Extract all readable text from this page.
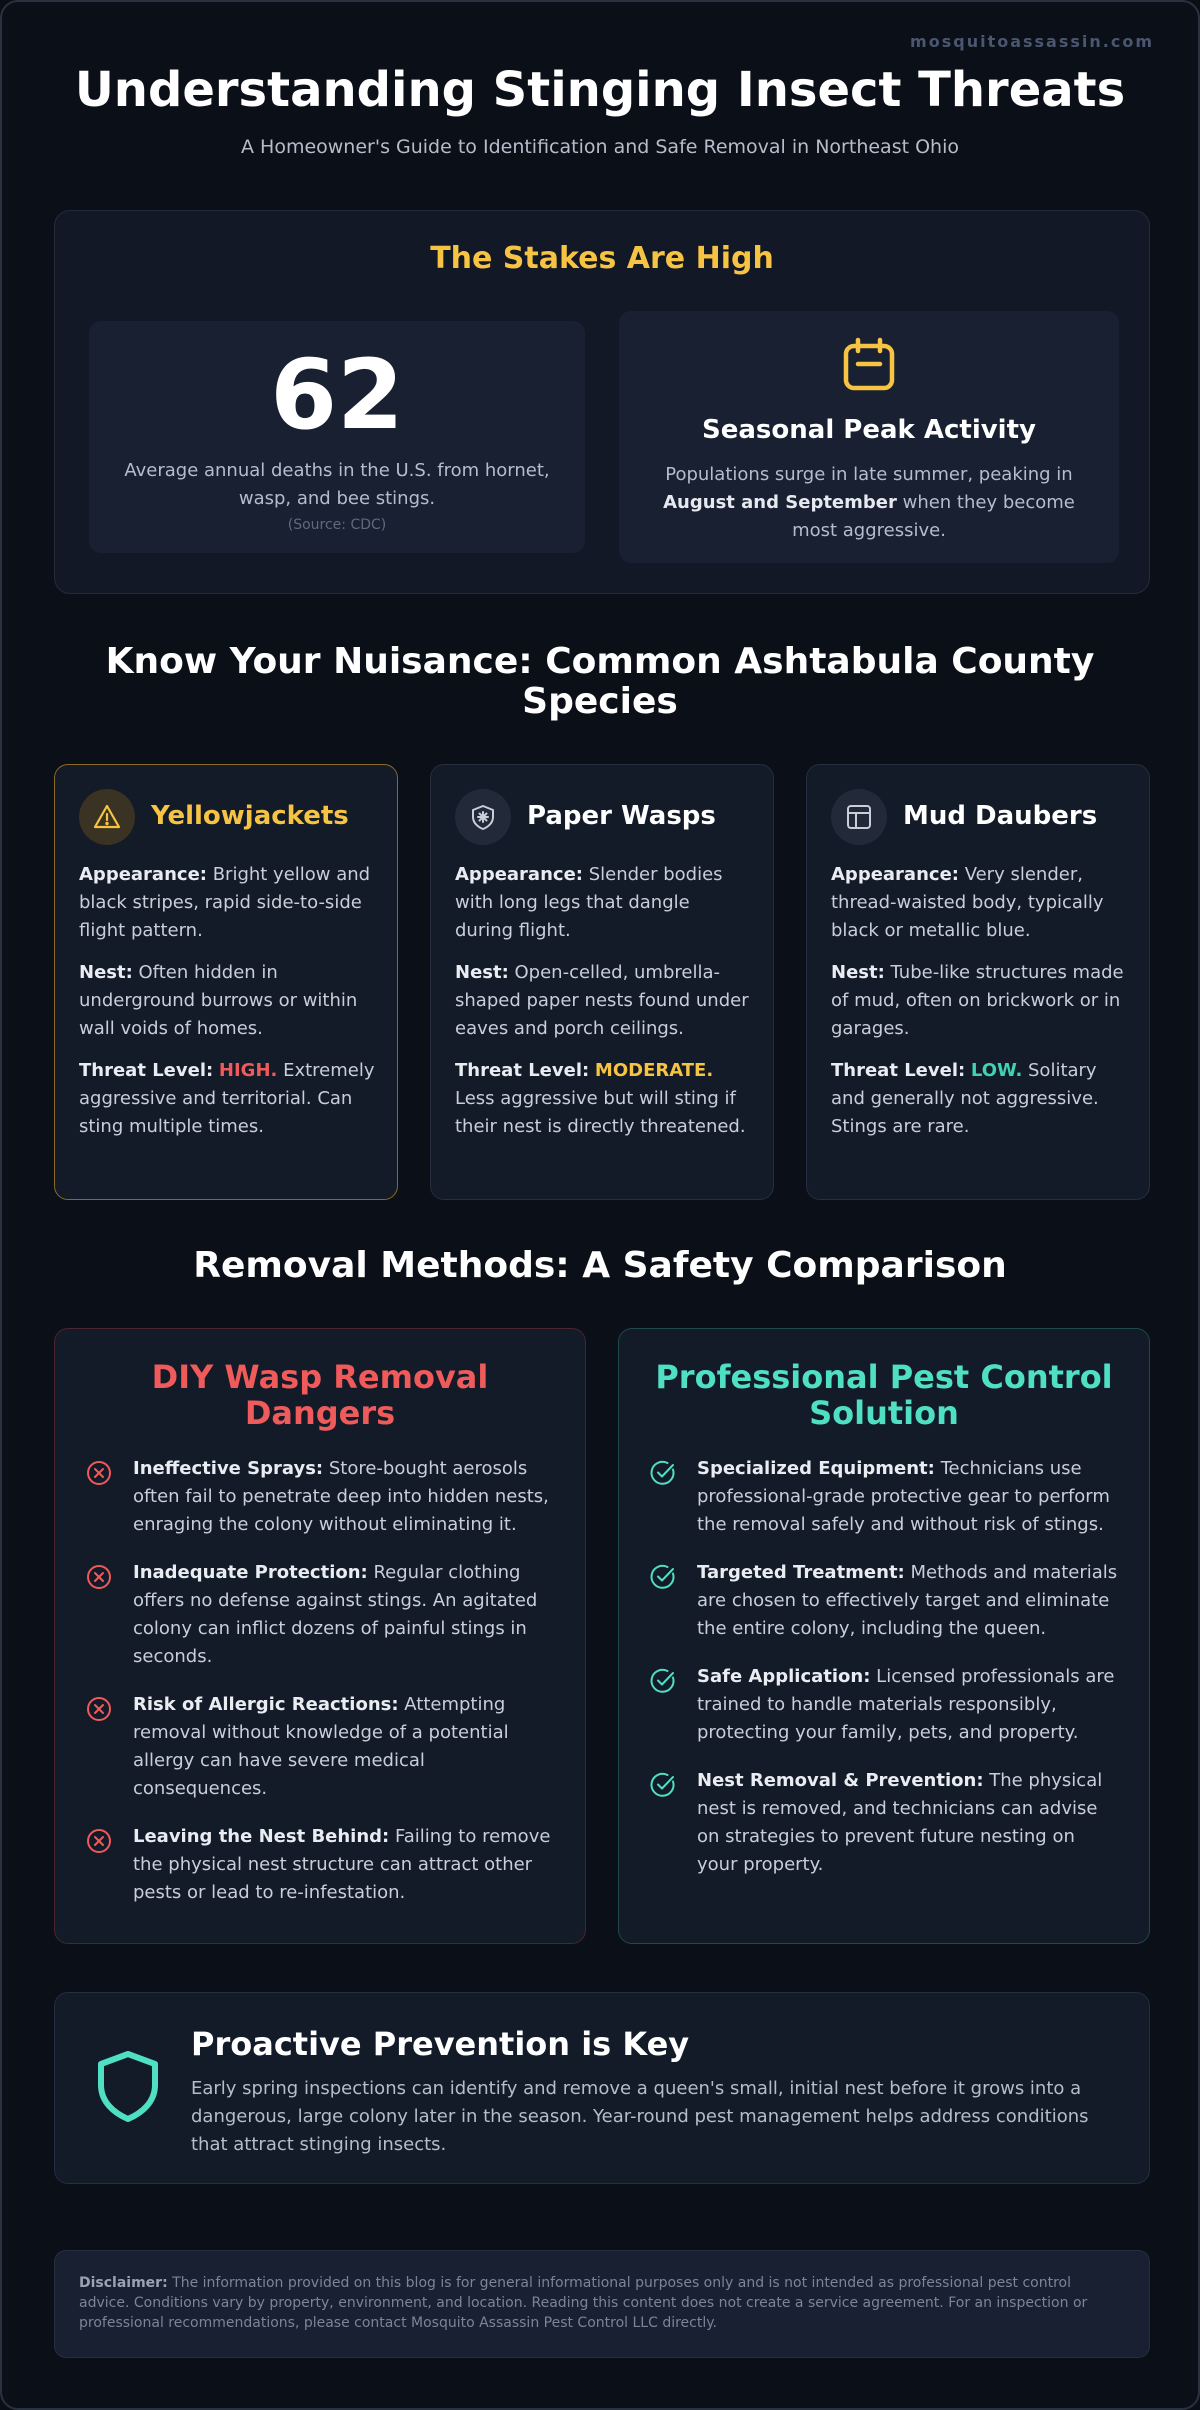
mosquitoassassin.com
Understanding Stinging Insect Threats
A Homeowner's Guide to Identification and Safe Removal in Northeast Ohio
The Stakes Are High
62
Average annual deaths in the U.S. from hornet, wasp, and bee stings.
(Source: CDC)
Seasonal Peak Activity
Populations surge in late summer, peaking in August and September when they become most aggressive.
Know Your Nuisance: Common Ashtabula County Species
Yellowjackets

Appearance: Bright yellow and black stripes, rapid side-to-side flight pattern.

Nest: Often hidden in underground burrows or within wall voids of homes.

Threat Level: HIGH. Extremely aggressive and territorial. Can sting multiple times.

Paper Wasps

Appearance: Slender bodies with long legs that dangle during flight.

Nest: Open-celled, umbrella-shaped paper nests found under eaves and porch ceilings.

Threat Level: MODERATE. Less aggressive but will sting if their nest is directly threatened.

Mud Daubers

Appearance: Very slender, thread-waisted body, typically black or metallic blue.

Nest: Tube-like structures made of mud, often on brickwork or in garages.

Threat Level: LOW. Solitary and generally not aggressive. Stings are rare.

Removal Methods: A Safety Comparison
DIY Wasp Removal Dangers
Ineffective Sprays: Store-bought aerosols often fail to penetrate deep into hidden nests, enraging the colony without eliminating it.
Inadequate Protection: Regular clothing offers no defense against stings. An agitated colony can inflict dozens of painful stings in seconds.
Risk of Allergic Reactions: Attempting removal without knowledge of a potential allergy can have severe medical consequences.
Leaving the Nest Behind: Failing to remove the physical nest structure can attract other pests or lead to re-infestation.
Professional Pest Control Solution
Specialized Equipment: Technicians use professional-grade protective gear to perform the removal safely and without risk of stings.
Targeted Treatment: Methods and materials are chosen to effectively target and eliminate the entire colony, including the queen.
Safe Application: Licensed professionals are trained to handle materials responsibly, protecting your family, pets, and property.
Nest Removal & Prevention: The physical nest is removed, and technicians can advise on strategies to prevent future nesting on your property.
Proactive Prevention is Key

Early spring inspections can identify and remove a queen's small, initial nest before it grows into a dangerous, large colony later in the season. Year-round pest management helps address conditions that attract stinging insects.

Disclaimer: The information provided on this blog is for general informational purposes only and is not intended as professional pest control advice. Conditions vary by property, environment, and location. Reading this content does not create a service agreement. For an inspection or professional recommendations, please contact Mosquito Assassin Pest Control LLC directly.
